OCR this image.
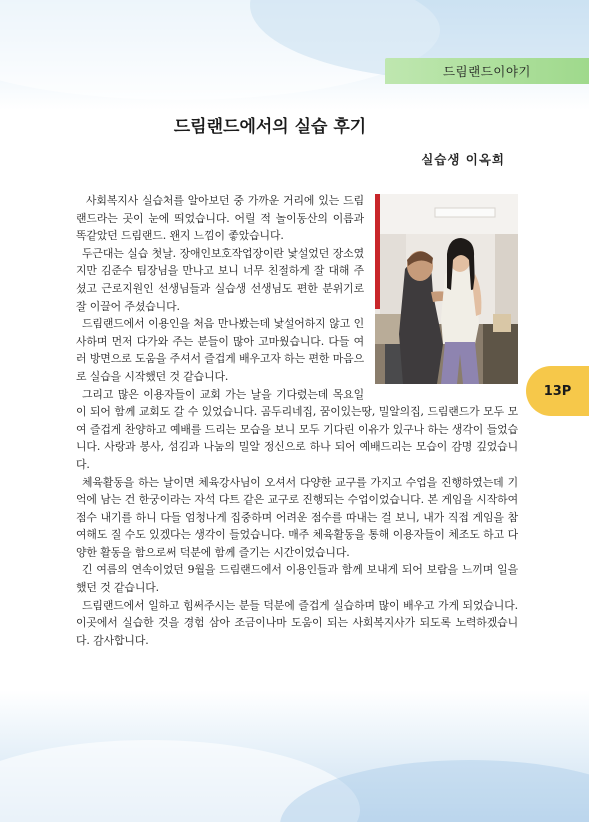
드림랜드이야기
드림랜드에서의 실습 후기
실습생 이옥희
13P

사회복지사 실습처를 알아보던 중 가까운 거리에 있는 드림랜드라는 곳이 눈에 띄었습니다. 어릴 적 놀이동산의 이름과 똑같았던 드림랜드. 왠지 느낌이 좋았습니다.

두근대는 실습 첫날. 장애인보호작업장이란 낯설었던 장소였지만 김준수 팀장님을 만나고 보니 너무 친절하게 잘 대해 주셨고 근로지원인 선생님들과 실습생 선생님도 편한 분위기로 잘 이끌어 주셨습니다.

드림랜드에서 이용인을 처음 만나봤는데 낯설어하지 않고 인사하며 먼저 다가와 주는 분들이 많아 고마웠습니다. 다들 여러 방면으로 도움을 주셔서 즐겁게 배우고자 하는 편한 마음으로 실습을 시작했던 것 같습니다.

그리고 많은 이용자들이 교회 가는 날을 기다렸는데 목요일이 되어 함께 교회도 갈 수 있었습니다. 곰두리네집, 꿈이있는땅, 밀알의집, 드림랜드가 모두 모여 즐겁게 찬양하고 예배를 드리는 모습을 보니 모두 기다린 이유가 있구나 하는 생각이 들었습니다. 사랑과 봉사, 섬김과 나눔의 밀알 정신으로 하나 되어 예배드리는 모습이 감명 깊었습니다.

체육활동을 하는 날이면 체육강사님이 오셔서 다양한 교구를 가지고 수업을 진행하였는데 기억에 남는 건 한궁이라는 자석 다트 같은 교구로 진행되는 수업이었습니다. 본 게임을 시작하여 점수 내기를 하니 다들 엄청나게 집중하며 어려운 점수를 따내는 걸 보니, 내가 직접 게임을 참여해도 질 수도 있겠다는 생각이 들었습니다. 매주 체육활동을 통해 이용자들이 체조도 하고 다양한 활동을 함으로써 덕분에 함께 즐기는 시간이었습니다.

긴 여름의 연속이었던 9월을 드림랜드에서 이용인들과 함께 보내게 되어 보람을 느끼며 일을 했던 것 같습니다.

드림랜드에서 일하고 힘써주시는 분들 덕분에 즐겁게 실습하며 많이 배우고 가게 되었습니다. 이곳에서 실습한 것을 경험 삼아 조금이나마 도움이 되는 사회복지사가 되도록 노력하겠습니다. 감사합니다.
